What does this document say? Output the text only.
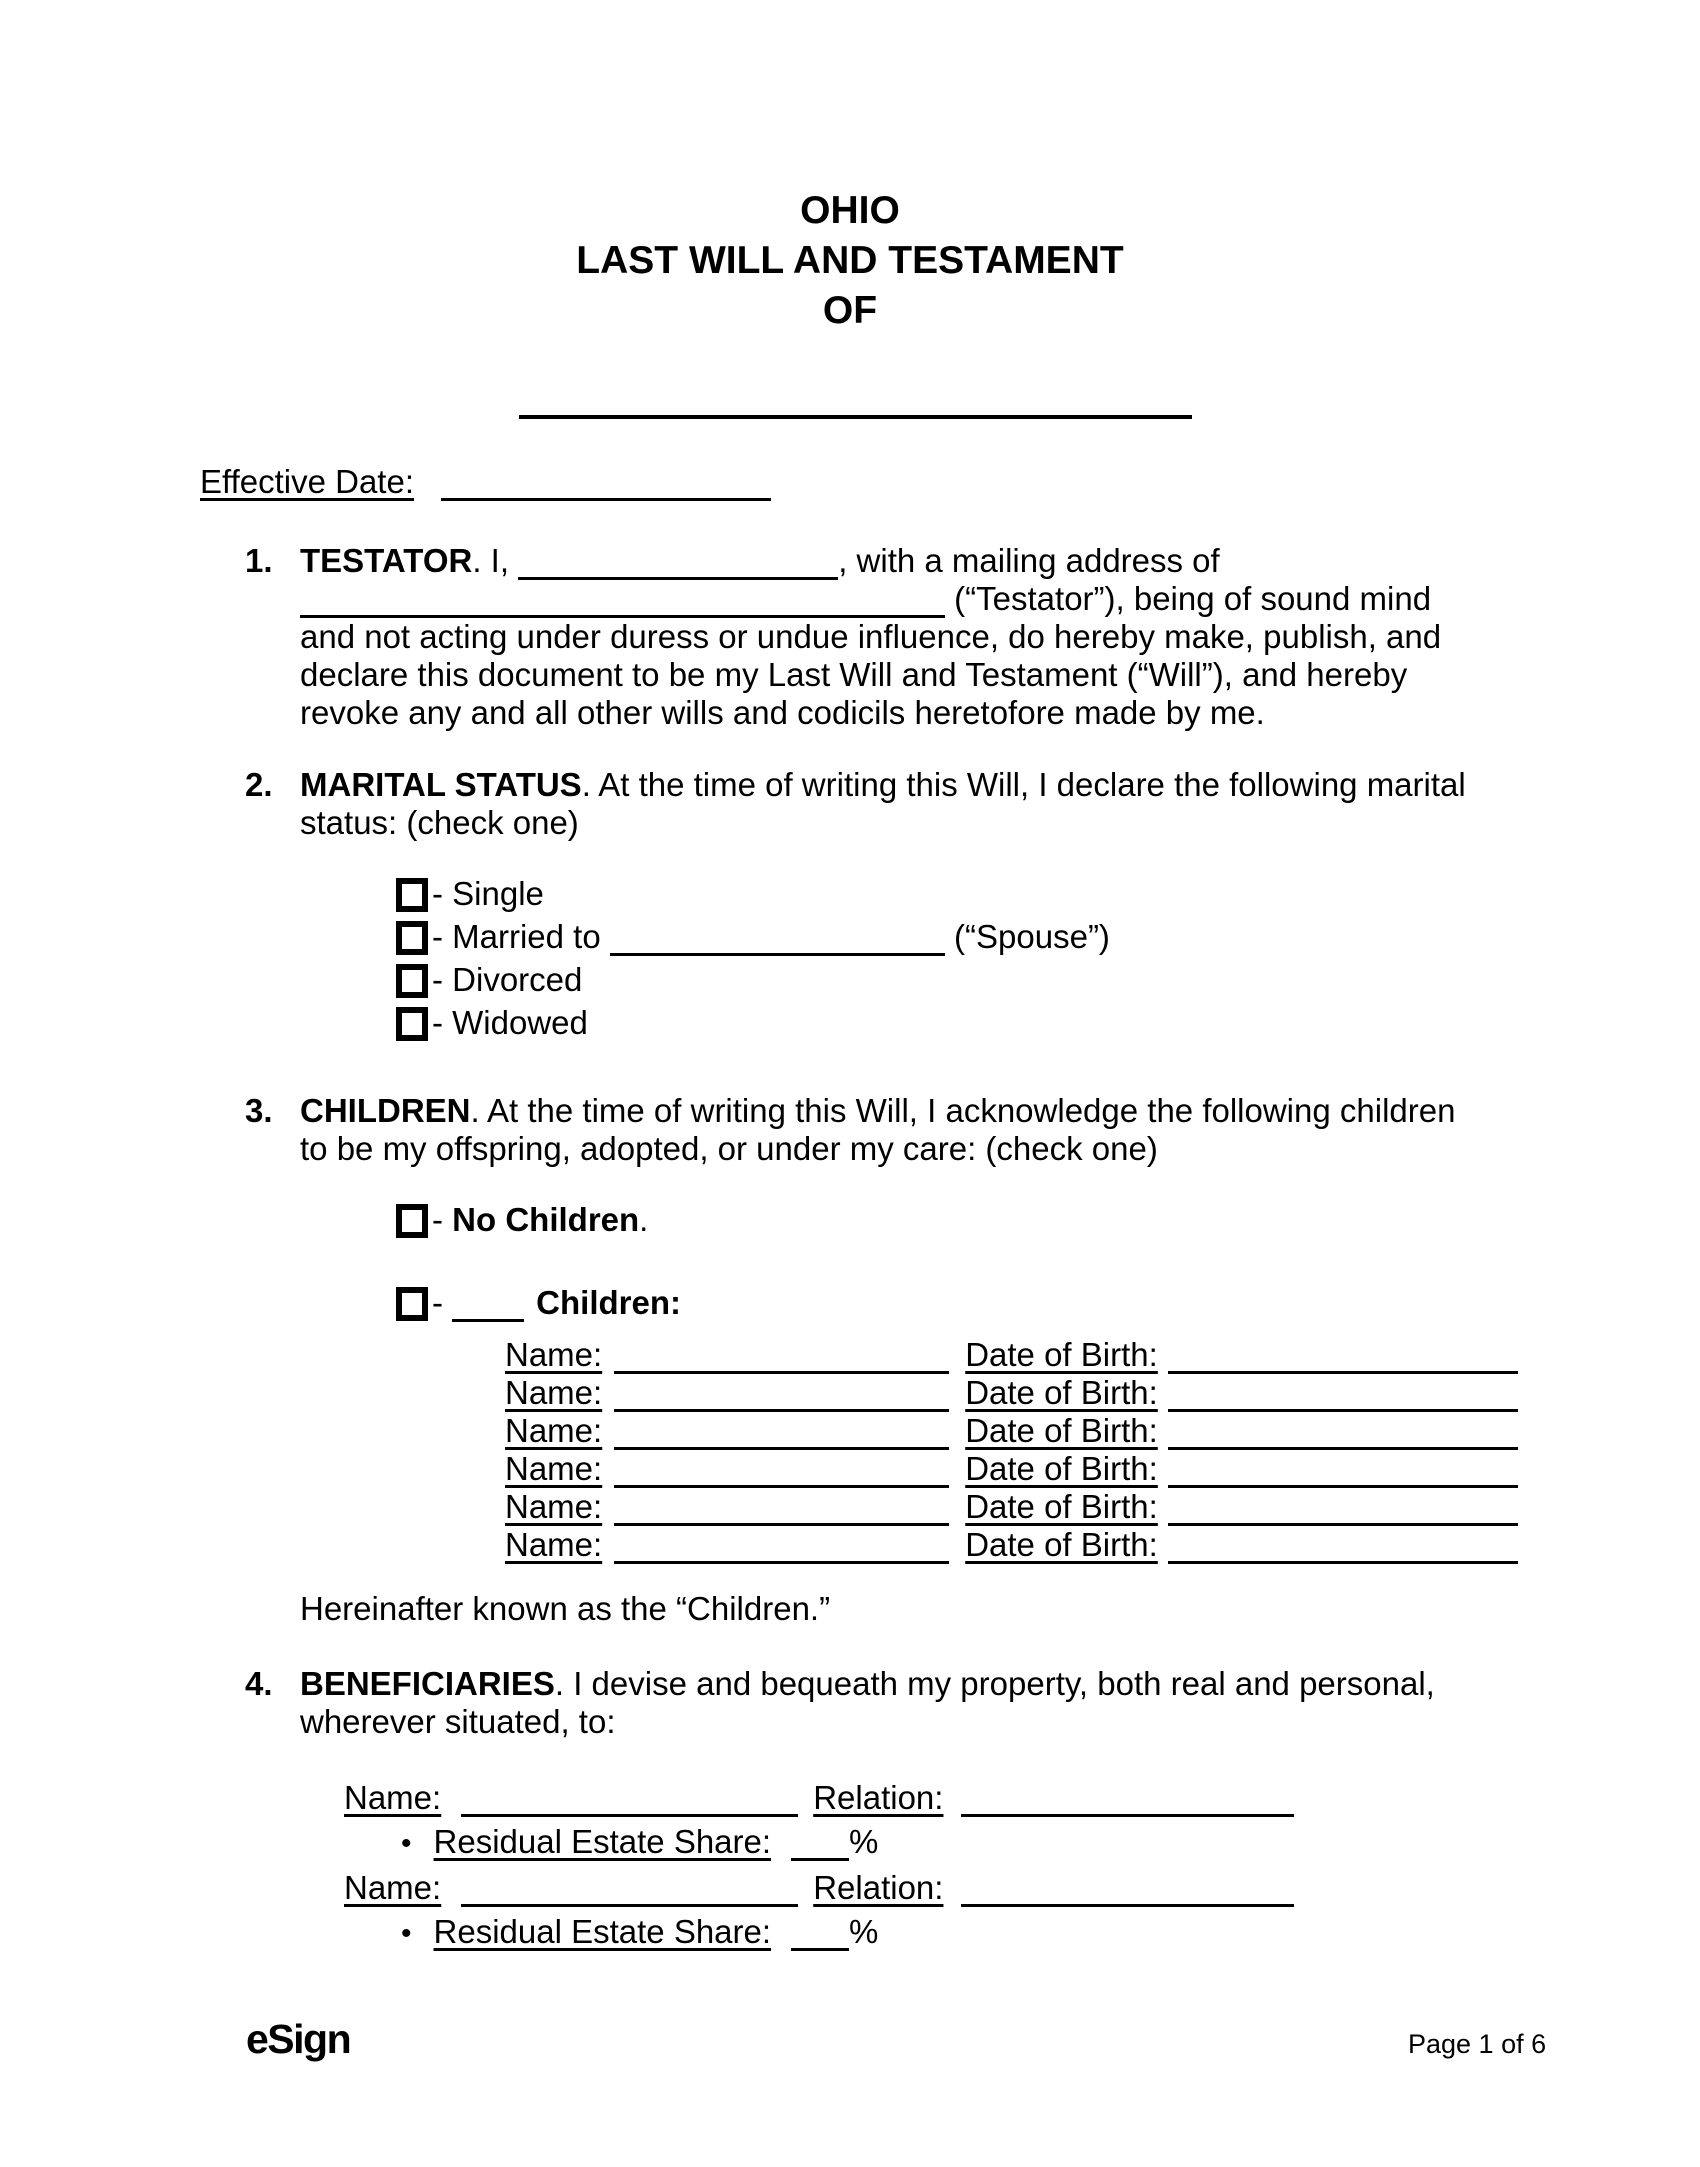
OHIO
LAST WILL AND TESTAMENT
OF
Effective Date:
1. TESTATOR. I,	, with a mailing address of
(“Testator”), being of sound mind
and not acting under duress or undue influence, do hereby make, publish, and
declare this document to be my Last Will and Testament (“Will”), and hereby
revoke any and all other wills and codicils heretofore made by me.
2. MARITAL STATUS. At the time of writing this Will, I declare the following marital
status: (check one)
- Single
- Married to	(“Spouse”)
- Divorced
- Widowed
3. CHILDREN. At the time of writing this Will, I acknowledge the following children
to be my offspring, adopted, or under my care: (check one)
- No Children.
-	Children:
Name:	Date of Birth:
Name:	Date of Birth:
Name:	Date of Birth:
Name:	Date of Birth:
Name:	Date of Birth:
Name:	Date of Birth:
Hereinafter known as the “Children.”
4. BENEFICIARIES. I devise and bequeath my property, both real and personal,
wherever situated, to:
Name:	Relation:
• Residual Estate Share: %
Name:	Relation:
• Residual Estate Share: %
eSign	Page 1 of 6
